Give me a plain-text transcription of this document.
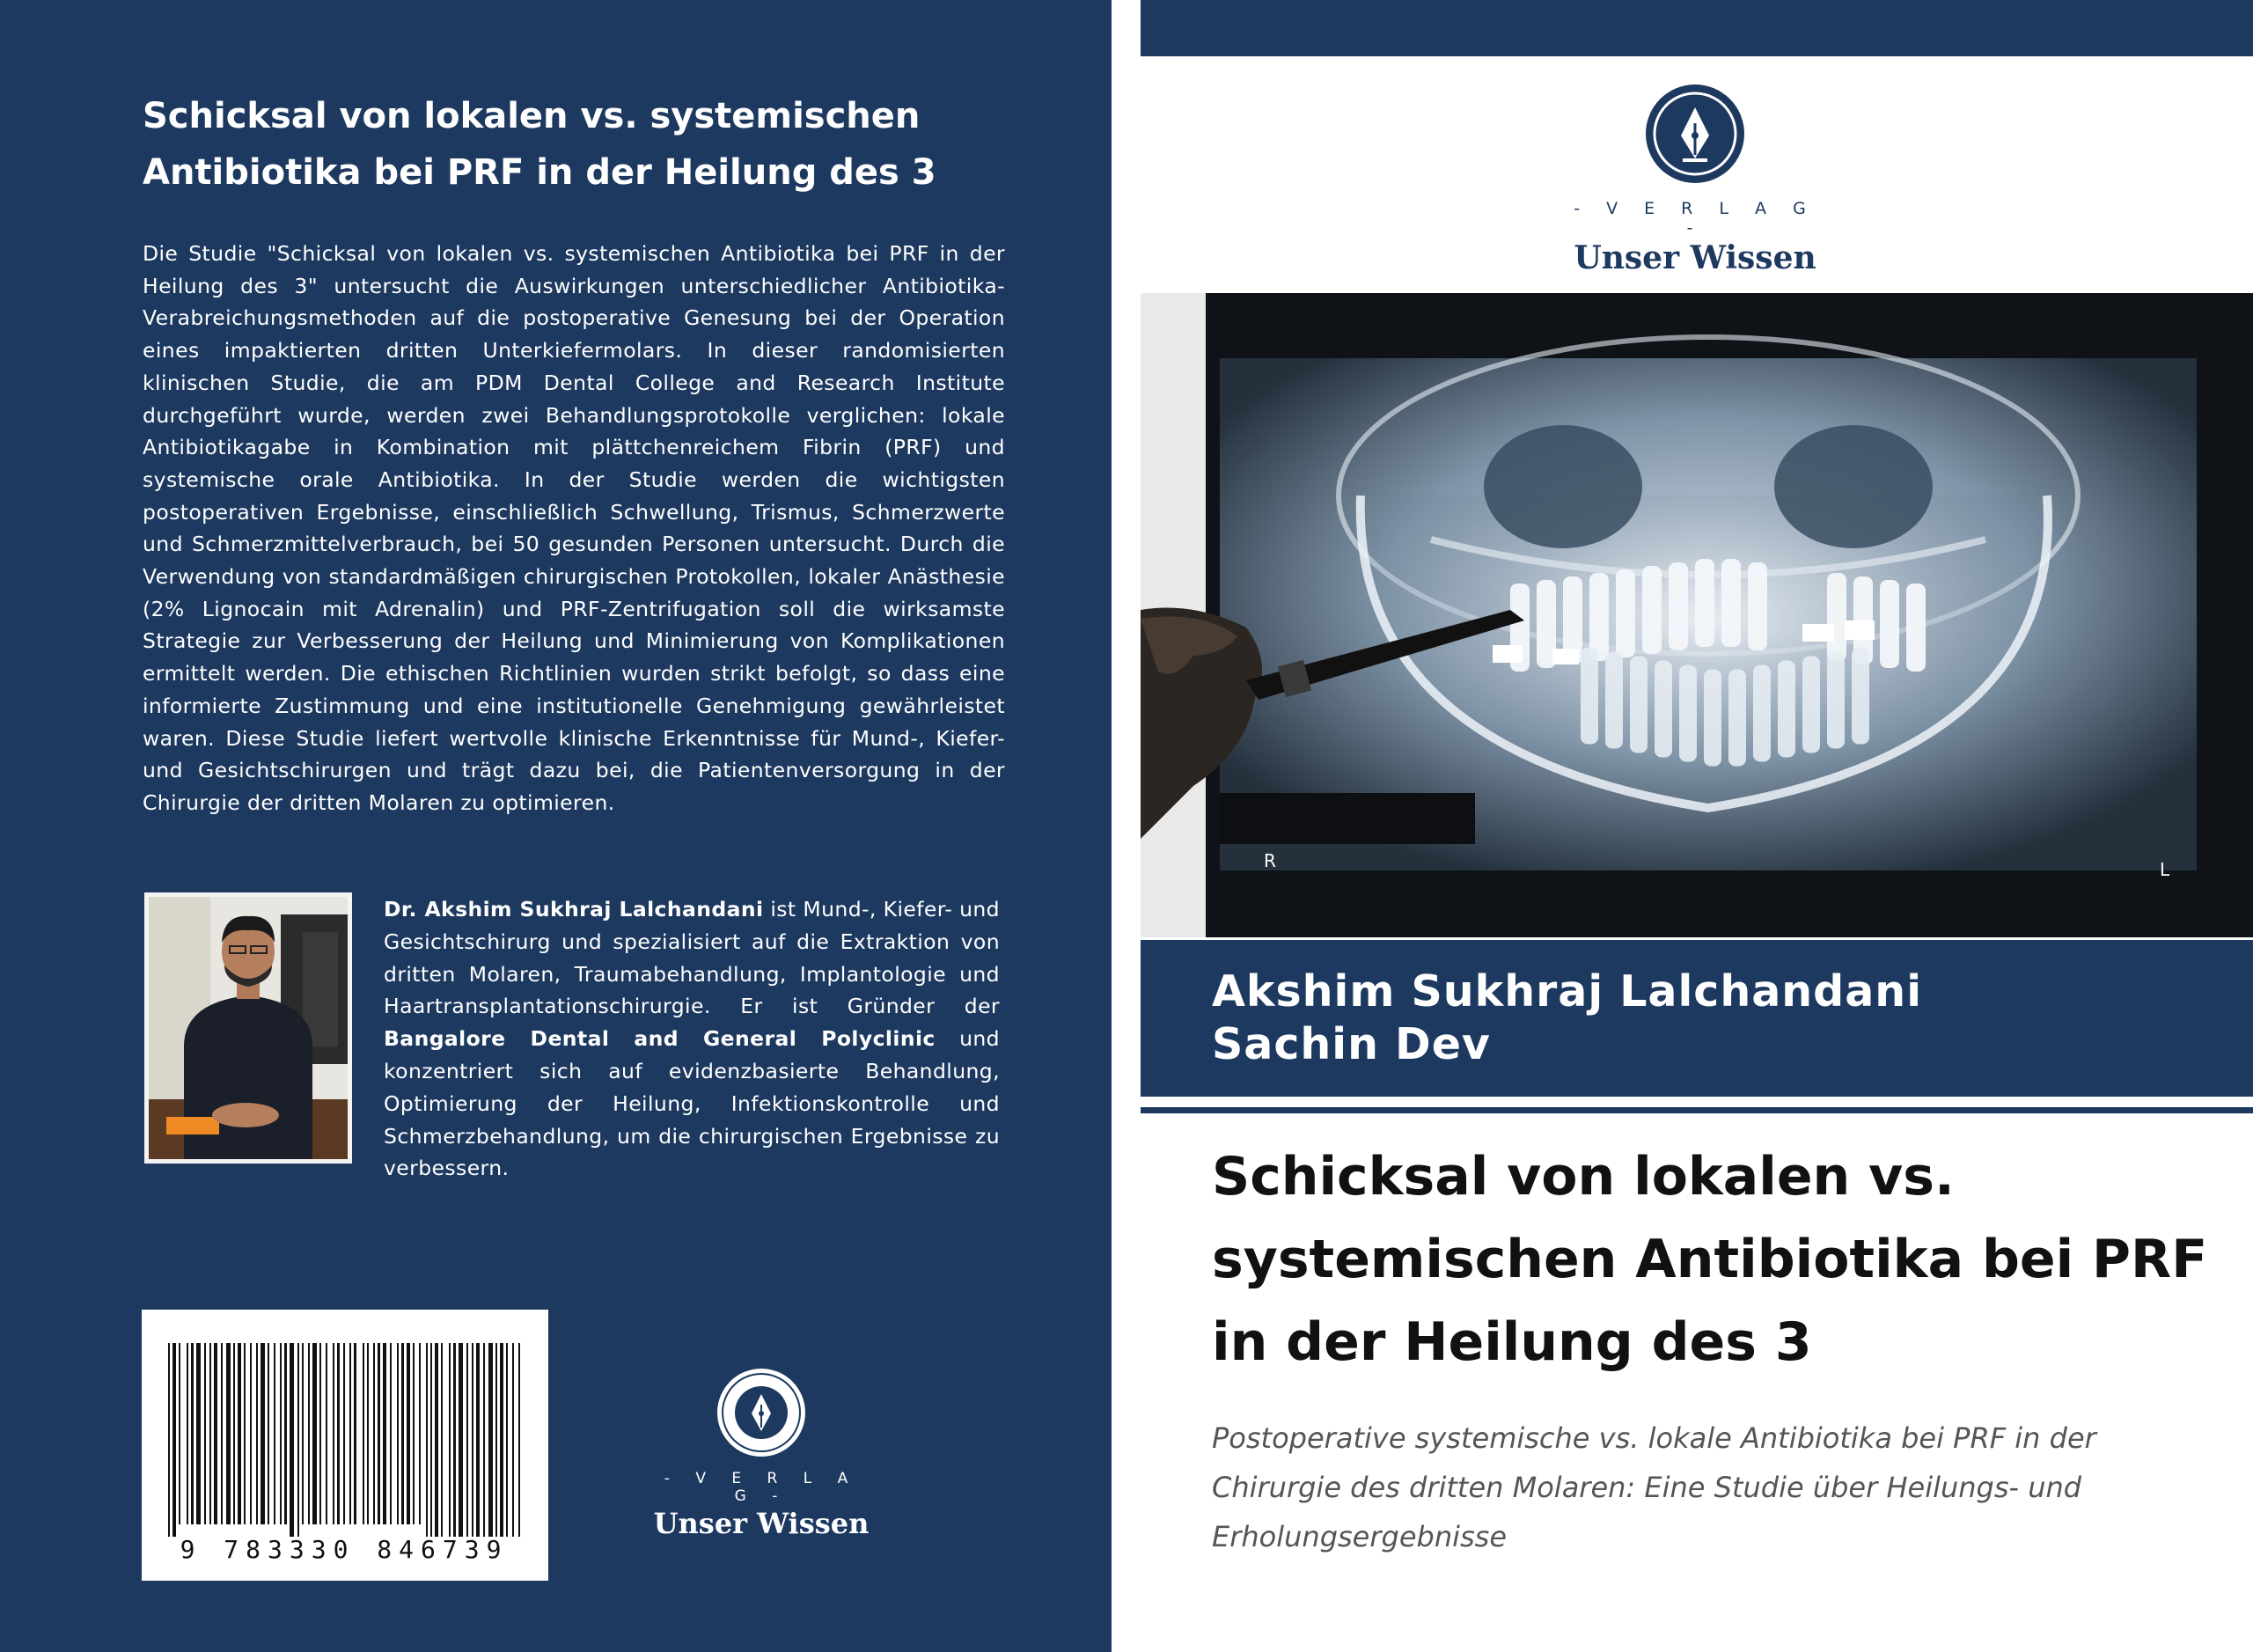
Schicksal von lokalen vs. systemischen Antibiotika bei PRF in der Heilung des 3

Die Studie "Schicksal von lokalen vs. systemischen Antibiotika bei PRF in der Heilung des 3" untersucht die Auswirkungen unterschiedlicher Antibiotika-Verabreichungsmethoden auf die postoperative Genesung bei der Operation eines impaktierten dritten Unterkiefermolars. In dieser randomisierten klinischen Studie, die am PDM Dental College and Research Institute durchgeführt wurde, werden zwei Behandlungsprotokolle verglichen: lokale Antibiotikagabe in Kombination mit plättchenreichem Fibrin (PRF) und systemische orale Antibiotika. In der Studie werden die wichtigsten postoperativen Ergebnisse, einschließlich Schwellung, Trismus, Schmerzwerte und Schmerzmittelverbrauch, bei 50 gesunden Personen untersucht. Durch die Verwendung von standardmäßigen chirurgischen Protokollen, lokaler Anästhesie (2% Lignocain mit Adrenalin) und PRF-Zentrifugation soll die wirksamste Strategie zur Verbesserung der Heilung und Minimierung von Komplikationen ermittelt werden. Die ethischen Richtlinien wurden strikt befolgt, so dass eine informierte Zustimmung und eine institutionelle Genehmigung gewährleistet waren. Diese Studie liefert wertvolle klinische Erkenntnisse für Mund-, Kiefer- und Gesichtschirurgen und trägt dazu bei, die Patientenversorgung in der Chirurgie der dritten Molaren zu optimieren.

Dr. Akshim Sukhraj Lalchandani ist Mund-, Kiefer- und Gesichtschirurg und spezialisiert auf die Extraktion von dritten Molaren, Traumabehandlung, Implantologie und Haartransplantationschirurgie. Er ist Gründer der Bangalore Dental and General Polyclinic und konzentriert sich auf evidenzbasierte Behandlung, Optimierung der Heilung, Infektionskontrolle und Schmerzbehandlung, um die chirurgischen Ergebnisse zu verbessern.

9 783330 846739
- V E R L A G -
Unser Wissen
- V E R L A G -
Unser Wissen
R	L

Akshim Sukhraj Lalchandani

Sachin Dev

Schicksal von lokalen vs. systemischen Antibiotika bei PRF in der Heilung des 3

Postoperative systemische vs. lokale Antibiotika bei PRF in der Chirurgie des dritten Molaren: Eine Studie über Heilungs- und Erholungsergebnisse
